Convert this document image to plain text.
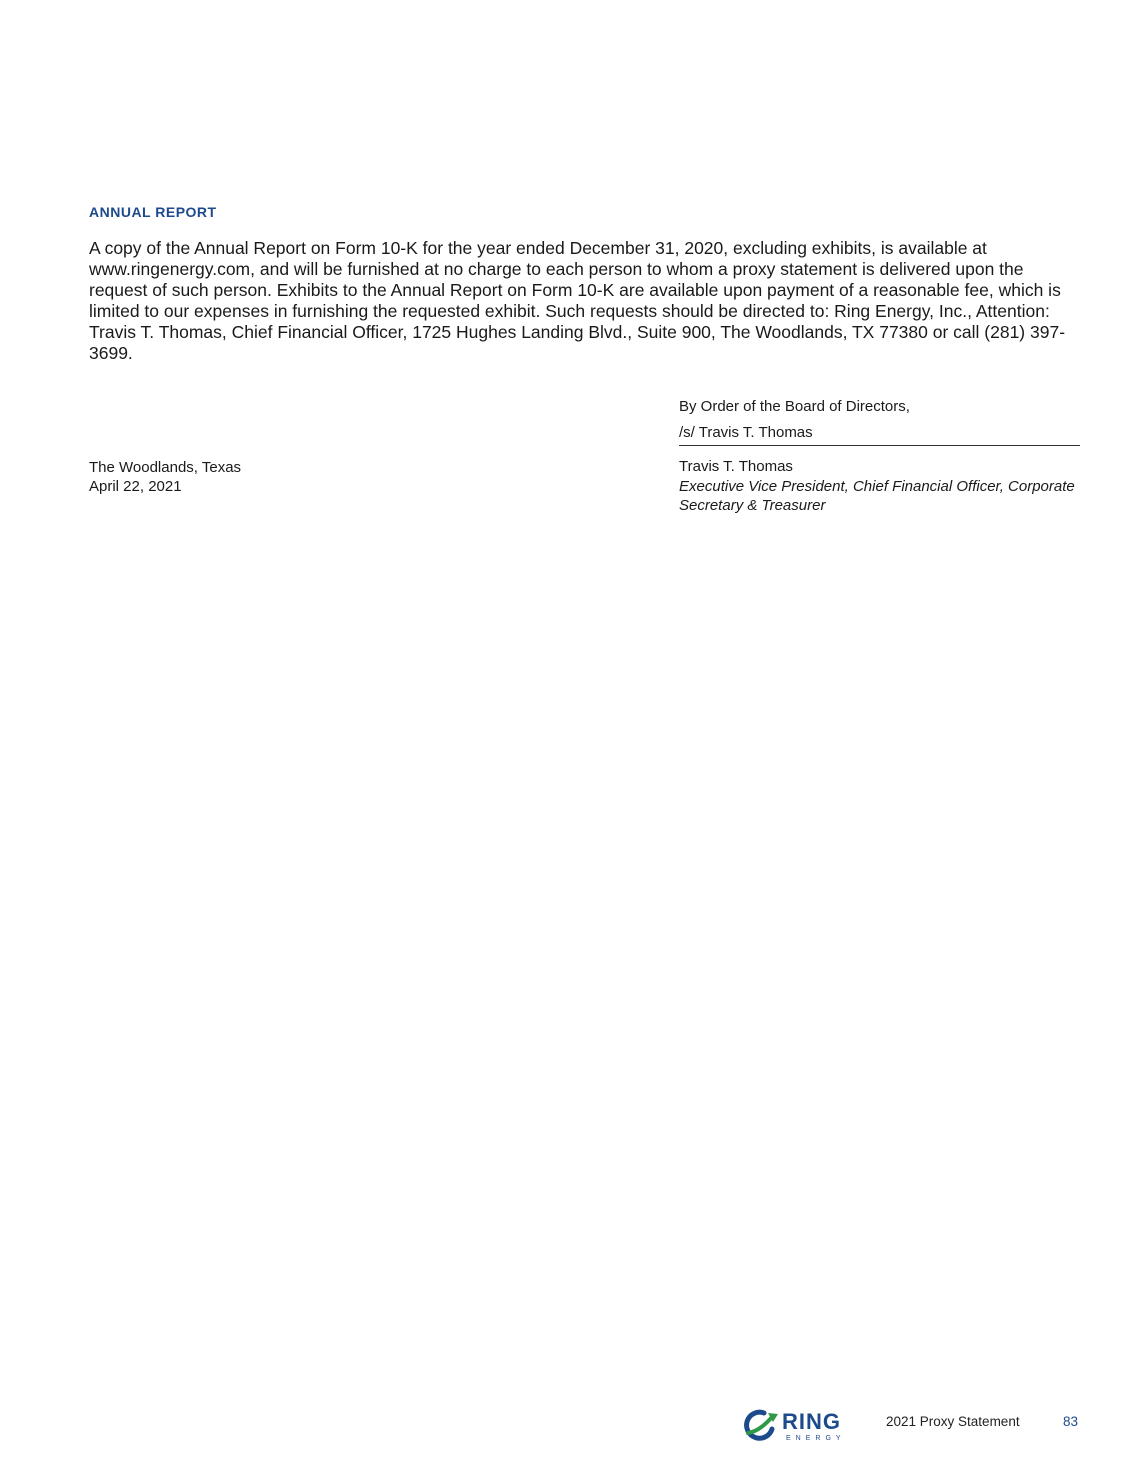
ANNUAL REPORT

A copy of the Annual Report on Form 10-K for the year ended December 31, 2020, excluding exhibits, is available at www.ringenergy.com, and will be furnished at no charge to each person to whom a proxy statement is delivered upon the request of such person. Exhibits to the Annual Report on Form 10-K are available upon payment of a reasonable fee, which is limited to our expenses in furnishing the requested exhibit. Such requests should be directed to: Ring Energy, Inc., Attention: Travis T. Thomas, Chief Financial Officer, 1725 Hughes Landing Blvd., Suite 900, The Woodlands, TX 77380 or call (281) 397-3699.

By Order of the Board of Directors,
/s/ Travis T. Thomas
Travis T. Thomas
Executive Vice President, Chief Financial Officer, Corporate Secretary & Treasurer
The Woodlands, Texas
April 22, 2021
RING
ENERGY
2021 Proxy Statement	83
